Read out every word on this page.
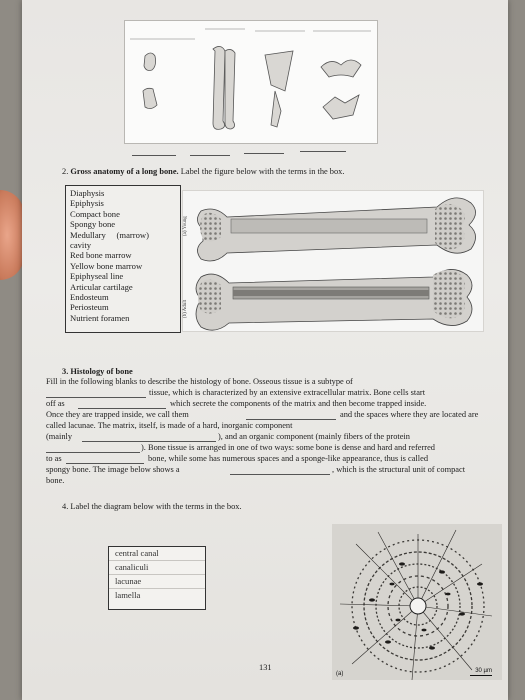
2. Gross anatomy of a long bone. Label the figure below with the terms in the box.
Diaphysis
Epiphysis
Compact bone
Spongy bone
Medullary     (marrow)
cavity
Red bone marrow
Yellow bone marrow
Epiphyseal line
Articular cartilage
Endosteum
Periosteum
Nutrient foramen
(a) Young
(b) Adult
3. Histology of bone
Fill in the following blanks to describe the histology of bone. Osseous tissue is a subtype of
tissue, which is characterized by an extensive extracellular matrix. Bone cells start
off as	which secrete the components of the matrix and then become trapped inside.
Once they are trapped inside, we call them	and the spaces where they are located are
called lacunae. The matrix, itself, is made of a hard, inorganic component
(mainly	), and an organic component (mainly fibers of the protein
). Bone tissue is arranged in one of two ways: some bone is dense and hard and referred
to as	bone, while some has numerous spaces and a sponge-like appearance, thus is called
spongy bone. The image below shows a	, which is the structural unit of compact
bone.
4. Label the diagram below with the terms in the box.
central canal
canaliculi
lacunae
lamella
(a)	30 µm
131
